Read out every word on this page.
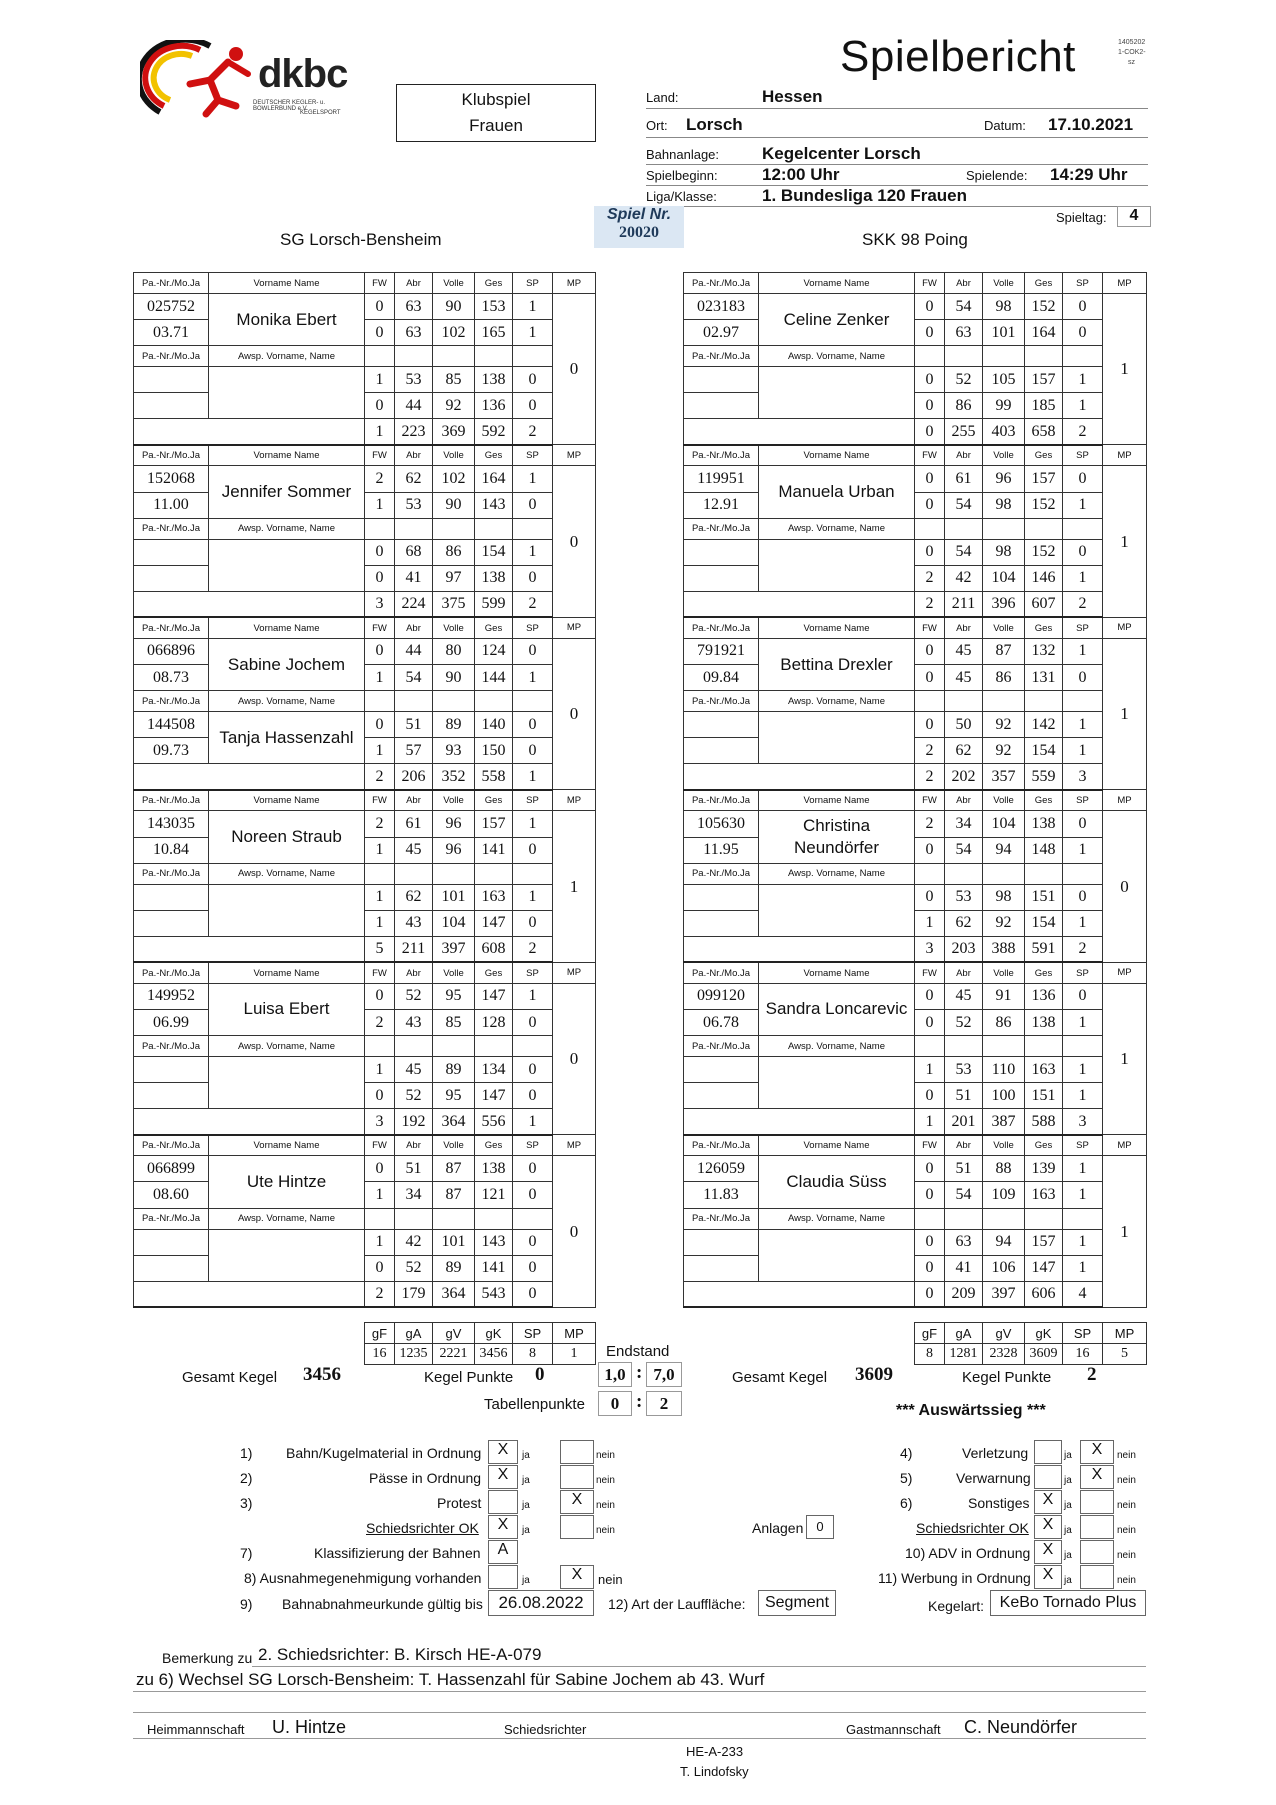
dkbc
DEUTSCHER KEGLER- u. BOWLERBUND e.V.
KEGELSPORT
Spielbericht	1405202
1-COK2-
sz
Klubspiel
Frauen
Land:	Hessen
Ort: Lorsch	Datum: 17.10.2021
Bahnanlage:	Kegelcenter Lorsch
Spielbeginn:	12:00 Uhr	Spielende: 14:29 Uhr
Liga/Klasse:	1. Bundesliga 120 Frauen
Spiel Nr.
20020
Spieltag:	4
SG Lorsch-Bensheim	SKK 98 Poing
Pa.-Nr./Mo.Ja	Vorname Name	FW	Abr	Volle	Ges	SP	MP
025752	Monika Ebert	0	63	90	153	1	0
03.71		0	63	102	165	1	
Pa.-Nr./Mo.Ja	Awsp. Vorname, Name						
		1	53	85	138	0	
		0	44	92	136	0	
		1	223	369	592	2	
Pa.-Nr./Mo.Ja	Vorname Name	FW	Abr	Volle	Ges	SP	MP
152068	Jennifer Sommer	2	62	102	164	1	0
11.00		1	53	90	143	0	
Pa.-Nr./Mo.Ja	Awsp. Vorname, Name						
		0	68	86	154	1	
		0	41	97	138	0	
		3	224	375	599	2	
Pa.-Nr./Mo.Ja	Vorname Name	FW	Abr	Volle	Ges	SP	MP
066896	Sabine Jochem	0	44	80	124	0	0
08.73		1	54	90	144	1	
Pa.-Nr./Mo.Ja	Awsp. Vorname, Name						
144508	Tanja Hassenzahl	0	51	89	140	0	
09.73		1	57	93	150	0	
		2	206	352	558	1	
Pa.-Nr./Mo.Ja	Vorname Name	FW	Abr	Volle	Ges	SP	MP
143035	Noreen Straub	2	61	96	157	1	1
10.84		1	45	96	141	0	
Pa.-Nr./Mo.Ja	Awsp. Vorname, Name						
		1	62	101	163	1	
		1	43	104	147	0	
		5	211	397	608	2	
Pa.-Nr./Mo.Ja	Vorname Name	FW	Abr	Volle	Ges	SP	MP
149952	Luisa Ebert	0	52	95	147	1	0
06.99		2	43	85	128	0	
Pa.-Nr./Mo.Ja	Awsp. Vorname, Name						
		1	45	89	134	0	
		0	52	95	147	0	
		3	192	364	556	1	
Pa.-Nr./Mo.Ja	Vorname Name	FW	Abr	Volle	Ges	SP	MP
066899	Ute Hintze	0	51	87	138	0	0
08.60		1	34	87	121	0	
Pa.-Nr./Mo.Ja	Awsp. Vorname, Name						
		1	42	101	143	0	
		0	52	89	141	0	
		2	179	364	543	0	
Pa.-Nr./Mo.Ja	Vorname Name	FW	Abr	Volle	Ges	SP	MP
023183	Celine Zenker	0	54	98	152	0	1
02.97		0	63	101	164	0	
Pa.-Nr./Mo.Ja	Awsp. Vorname, Name						
		0	52	105	157	1	
		0	86	99	185	1	
		0	255	403	658	2	
Pa.-Nr./Mo.Ja	Vorname Name	FW	Abr	Volle	Ges	SP	MP
119951	Manuela Urban	0	61	96	157	0	1
12.91		0	54	98	152	1	
Pa.-Nr./Mo.Ja	Awsp. Vorname, Name						
		0	54	98	152	0	
		2	42	104	146	1	
		2	211	396	607	2	
Pa.-Nr./Mo.Ja	Vorname Name	FW	Abr	Volle	Ges	SP	MP
791921	Bettina Drexler	0	45	87	132	1	1
09.84		0	45	86	131	0	
Pa.-Nr./Mo.Ja	Awsp. Vorname, Name						
		0	50	92	142	1	
		2	62	92	154	1	
		2	202	357	559	3	
Pa.-Nr./Mo.Ja	Vorname Name	FW	Abr	Volle	Ges	SP	MP
105630	Christina Neundörfer	2	34	104	138	0	0
11.95		0	54	94	148	1	
Pa.-Nr./Mo.Ja	Awsp. Vorname, Name						
		0	53	98	151	0	
		1	62	92	154	1	
		3	203	388	591	2	
Pa.-Nr./Mo.Ja	Vorname Name	FW	Abr	Volle	Ges	SP	MP
099120	Sandra Loncarevic	0	45	91	136	0	1
06.78		0	52	86	138	1	
Pa.-Nr./Mo.Ja	Awsp. Vorname, Name						
		1	53	110	163	1	
		0	51	100	151	1	
		1	201	387	588	3	
Pa.-Nr./Mo.Ja	Vorname Name	FW	Abr	Volle	Ges	SP	MP
126059	Claudia Süss	0	51	88	139	1	1
11.83		0	54	109	163	1	
Pa.-Nr./Mo.Ja	Awsp. Vorname, Name						
		0	63	94	157	1	
		0	41	106	147	1	
		0	209	397	606	4	
gF	gA	gV	gK	SP	MP
16	1235	2221	3456	8	1
gF	gA	gV	gK	SP	MP
8	1281	2328	3609	16	5
Endstand
Gesamt Kegel 3456	Kegel Punkte 0	1,0 : 7,0	Gesamt Kegel 3609	Kegel Punkte 2
Tabellenpunkte	0 :	2	*** Auswärtssieg ***
1) Bahn/Kugelmaterial in Ordnung	X	ja	nein
2)	Pässe in Ordnung	X	ja	nein
3)	Protest	ja	X	nein
Schiedsrichter OK	X	ja	nein
7)	Klassifizierung der Bahnen	A
8) Ausnahmegenehmigung vorhanden	ja	X	nein
9) Bahnabnahmeurkunde gültig bis 26.08.2022	12) Art der Lauffläche:	Segment
Anlagen 0
4)	Verletzung	ja	X	nein
5)	Verwarnung	ja	X	nein
6)	Sonstiges X	ja	nein
Schiedsrichter OK X	ja	nein
10) ADV in Ordnung X	ja	nein
11) Werbung in Ordnung X	ja	nein
Kegelart: KeBo Tornado Plus
Bemerkung zu 2. Schiedsrichter: B. Kirsch HE-A-079
zu 6) Wechsel SG Lorsch-Bensheim: T. Hassenzahl für Sabine Jochem ab 43. Wurf
Heimmannschaft U. Hintze	Schiedsrichter	Gastmannschaft C. Neundörfer
HE-A-233
T. Lindofsky
